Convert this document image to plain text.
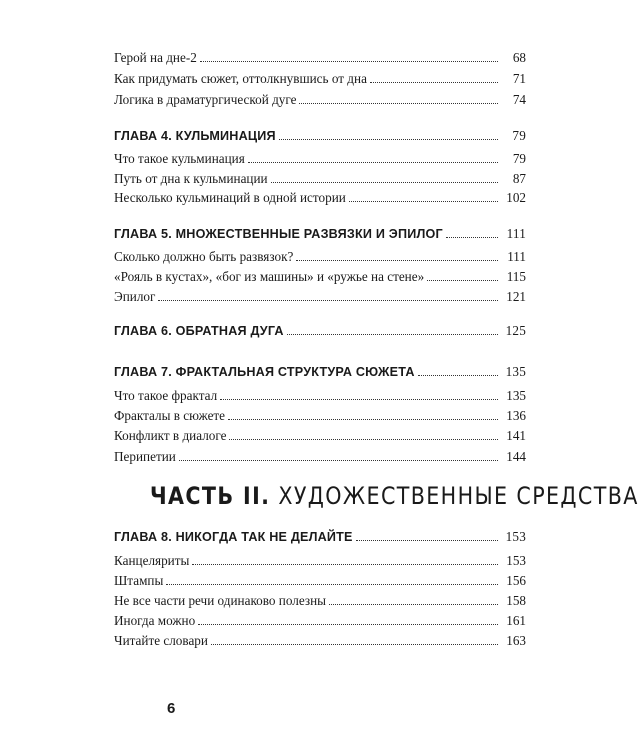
Герой на дне-2	68
Как придумать сюжет, оттолкнувшись от дна	71
Логика в драматургической дуге	74
ГЛАВА 4. КУЛЬМИНАЦИЯ	79
Что такое кульминация	79
Путь от дна к кульминации	87
Несколько кульминаций в одной истории	102
ГЛАВА 5. МНОЖЕСТВЕННЫЕ РАЗВЯЗКИ И ЭПИЛОГ	111
Сколько должно быть развязок?	111
«Рояль в кустах», «бог из машины» и «ружье на стене»	115
Эпилог	121
ГЛАВА 6. ОБРАТНАЯ ДУГА	125
ГЛАВА 7. ФРАКТАЛЬНАЯ СТРУКТУРА СЮЖЕТА	135
Что такое фрактал	135
Фракталы в сюжете	136
Конфликт в диалоге	141
Перипетии	144
ГЛАВА 8. НИКОГДА ТАК НЕ ДЕЛАЙТЕ	153
Канцеляриты	153
Штампы	156
Не все части речи одинаково полезны	158
Иногда можно	161
Читайте словари	163
ЧАСТЬ II. ХУДОЖЕСТВЕННЫЕ СРЕДСТВА
6
